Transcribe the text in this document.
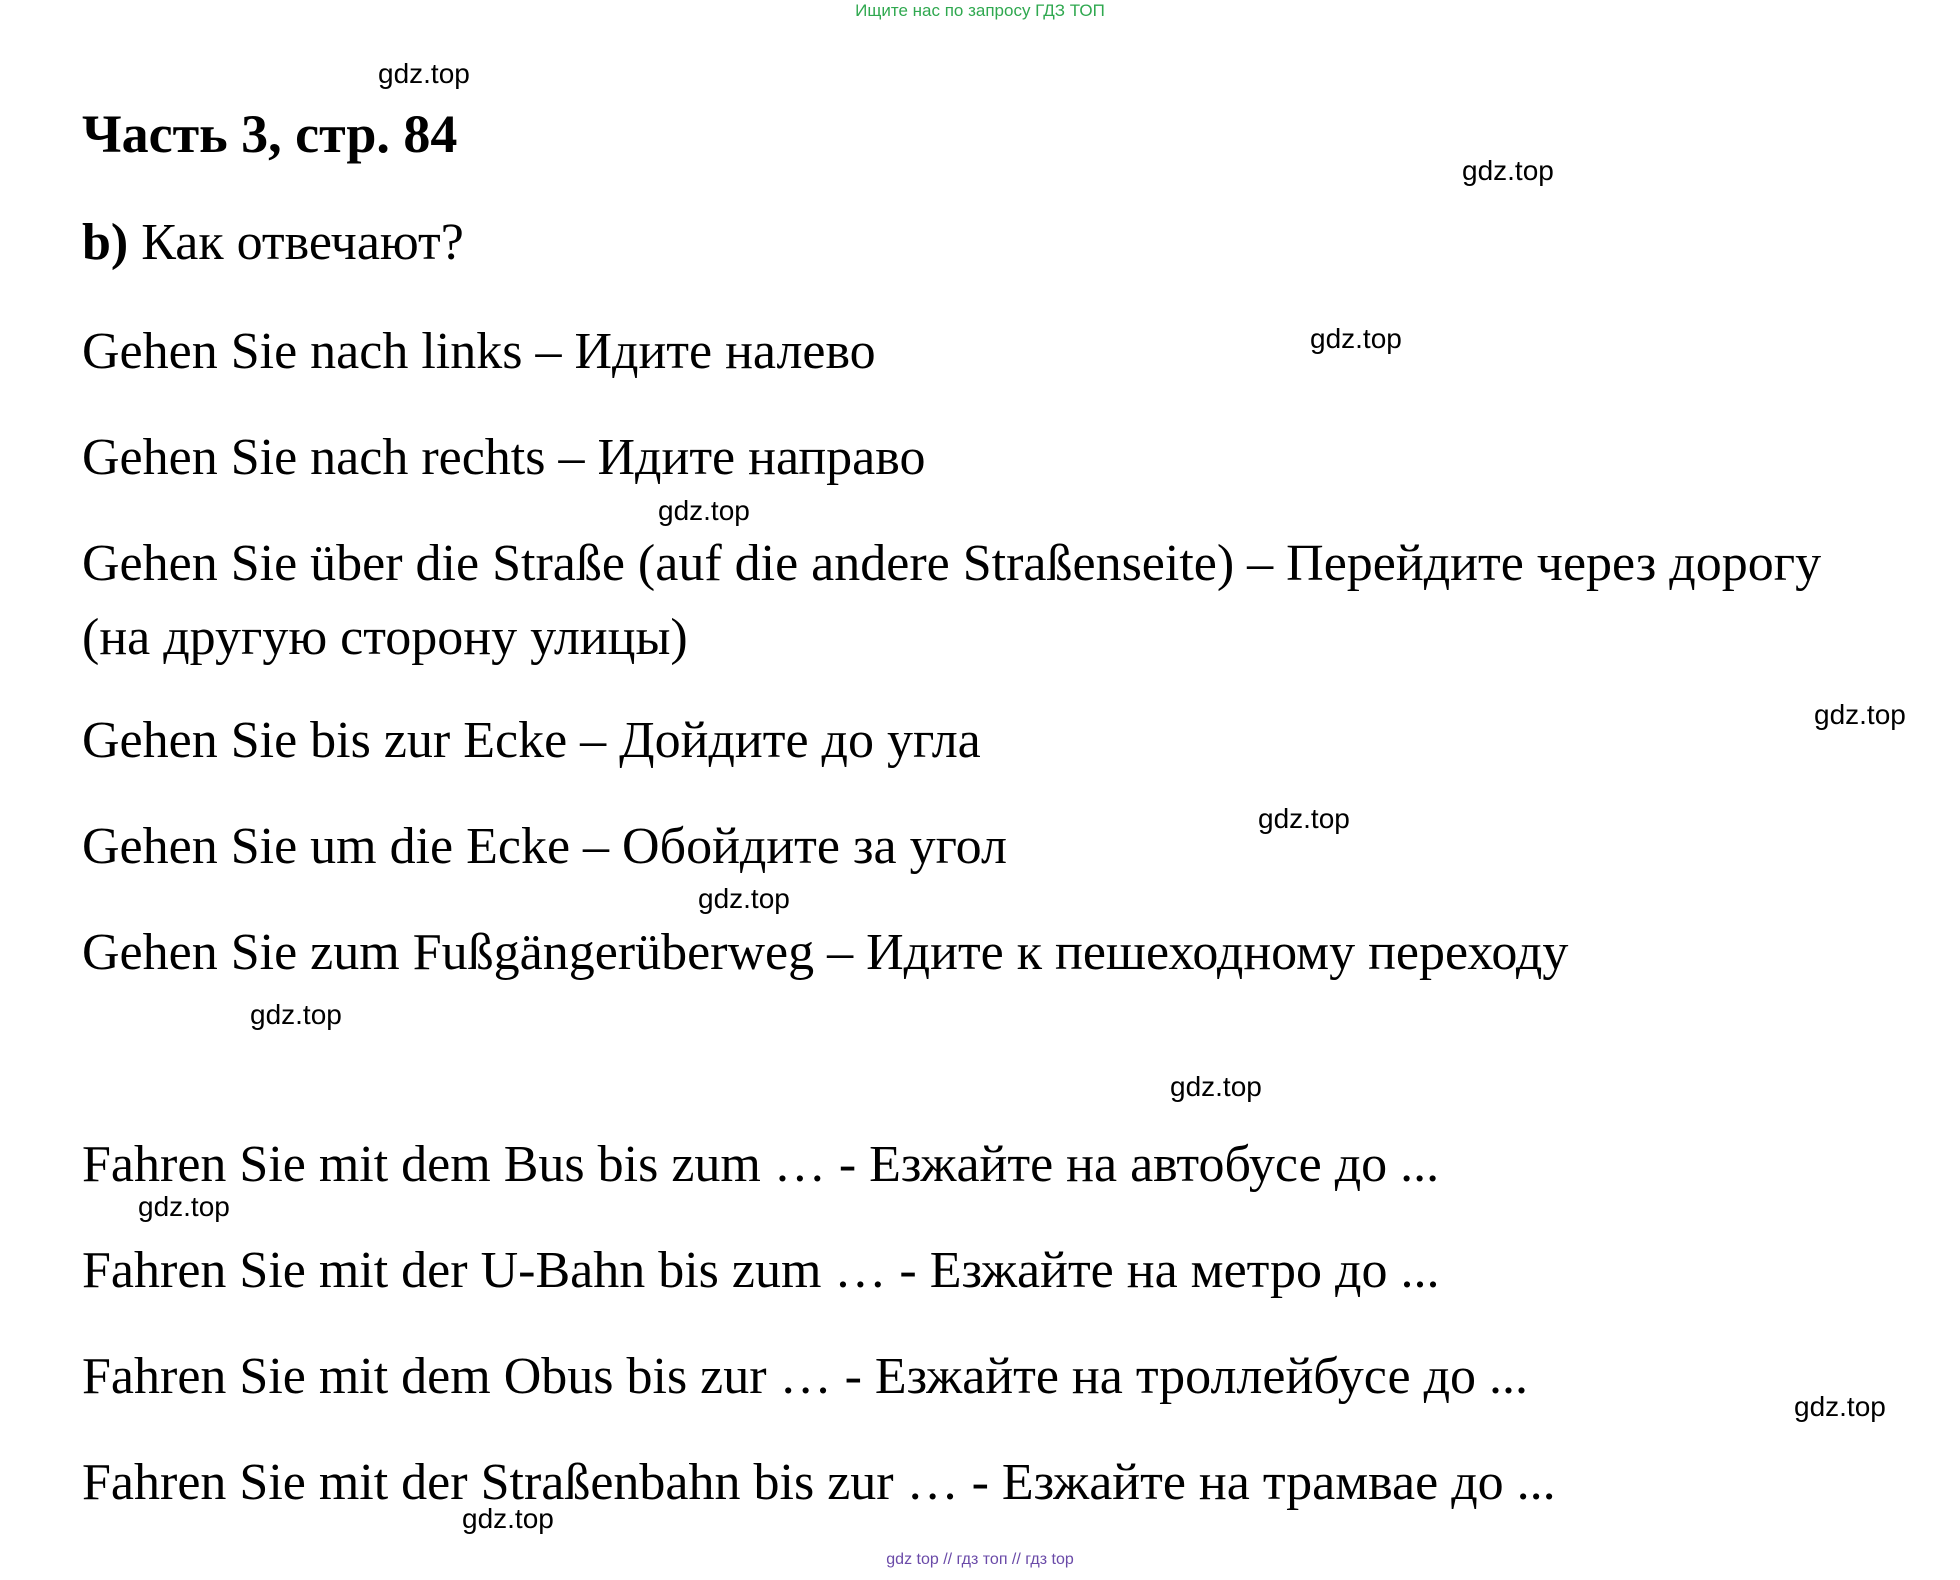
Ищите нас по запросу ГДЗ ТОП
Часть 3, стр. 84
b) Как отвечают?
Gehen Sie nach links – Идите налево
Gehen Sie nach rechts – Идите направо
Gehen Sie über die Straße (auf die andere Straßenseite) – Перейдите через дорогу (на другую сторону улицы)
Gehen Sie bis zur Ecke – Дойдите до угла
Gehen Sie um die Ecke – Обойдите за угол
Gehen Sie zum Fußgängerüberweg – Идите к пешеходному переходу
Fahren Sie mit dem Bus bis zum … - Езжайте на автобусе до ...
Fahren Sie mit der U-Bahn bis zum … - Езжайте на метро до ...
Fahren Sie mit dem Obus bis zur … - Езжайте на троллейбусе до ...
Fahren Sie mit der Straßenbahn bis zur … - Езжайте на трамвае до ...
gdz.top
gdz.top
gdz.top
gdz.top
gdz.top
gdz.top
gdz.top
gdz.top
gdz.top
gdz.top
gdz.top
gdz.top
gdz top // гдз топ // гдз top
